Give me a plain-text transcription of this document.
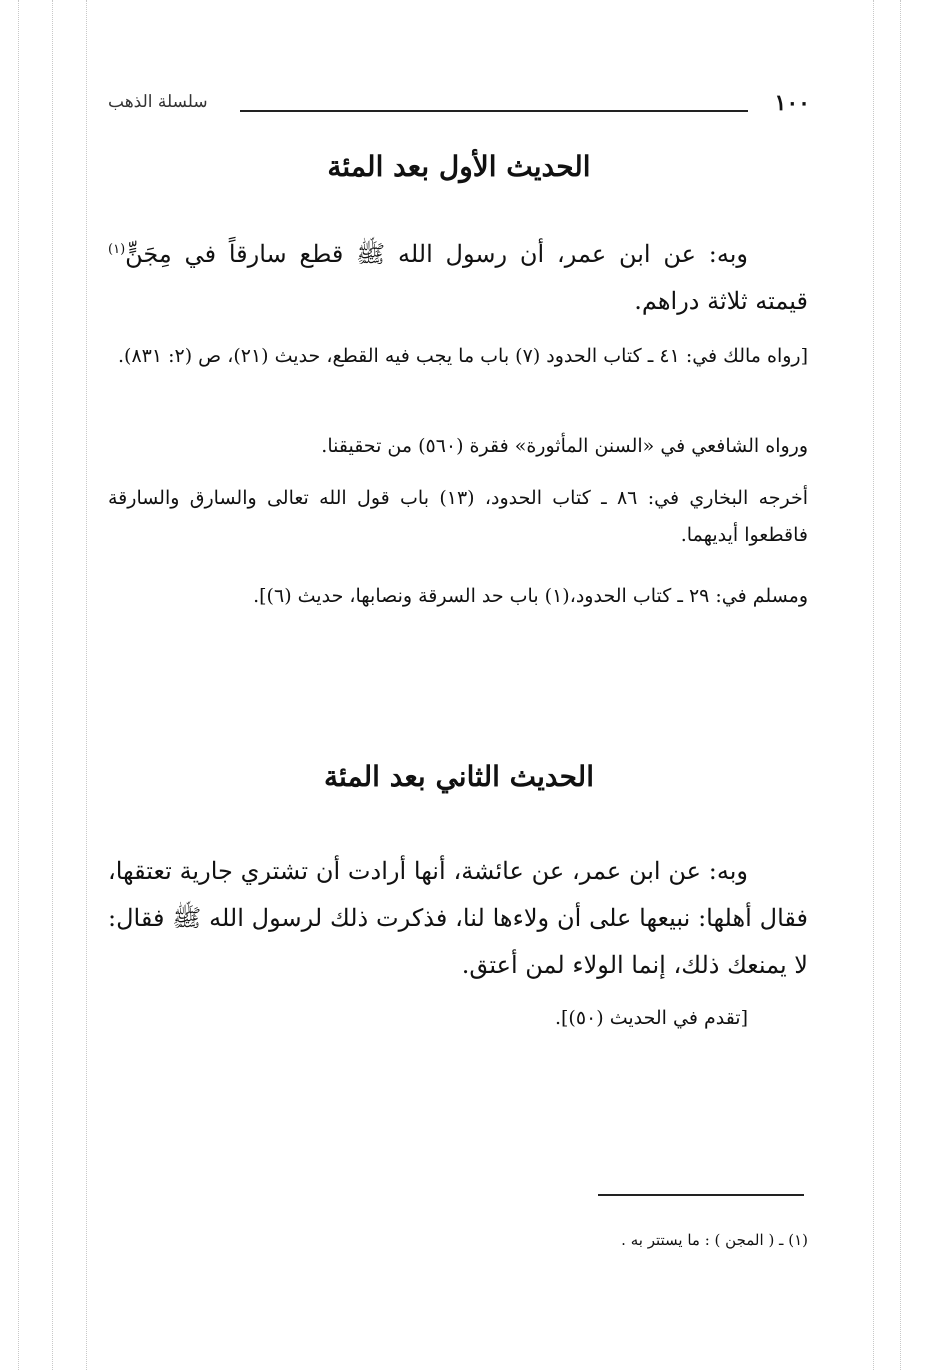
١٠٠
سلسلة الذهب
الحديث الأول بعد المئة
وبه: عن ابن عمر، أن رسول الله ﷺ قطع سارقاً في مِجَنٍّ$^{(١)}$ قيمته ثلاثة دراهم.
[رواه مالك في: ٤١ ـ كتاب الحدود (٧) باب ما يجب فيه القطع، حديث (٢١)، ص (٢: ٨٣١).
ورواه الشافعي في «السنن المأثورة» فقرة (٥٦٠) من تحقيقنا.
أخرجه البخاري في: ٨٦ ـ كتاب الحدود، (١٣) باب قول الله تعالى والسارق والسارقة فاقطعوا أيديهما.
ومسلم في: ٢٩ ـ كتاب الحدود،(١) باب حد السرقة ونصابها، حديث (٦)].
الحديث الثاني بعد المئة
وبه: عن ابن عمر، عن عائشة، أنها أرادت أن تشتري جارية تعتقها، فقال أهلها: نبيعها على أن ولاءها لنا، فذكرت ذلك لرسول الله ﷺ فقال: لا يمنعك ذلك، إنما الولاء لمن أعتق.
[تقدم في الحديث (٥٠)].
(١) ـ ( المجن ) : ما يستتر به .
